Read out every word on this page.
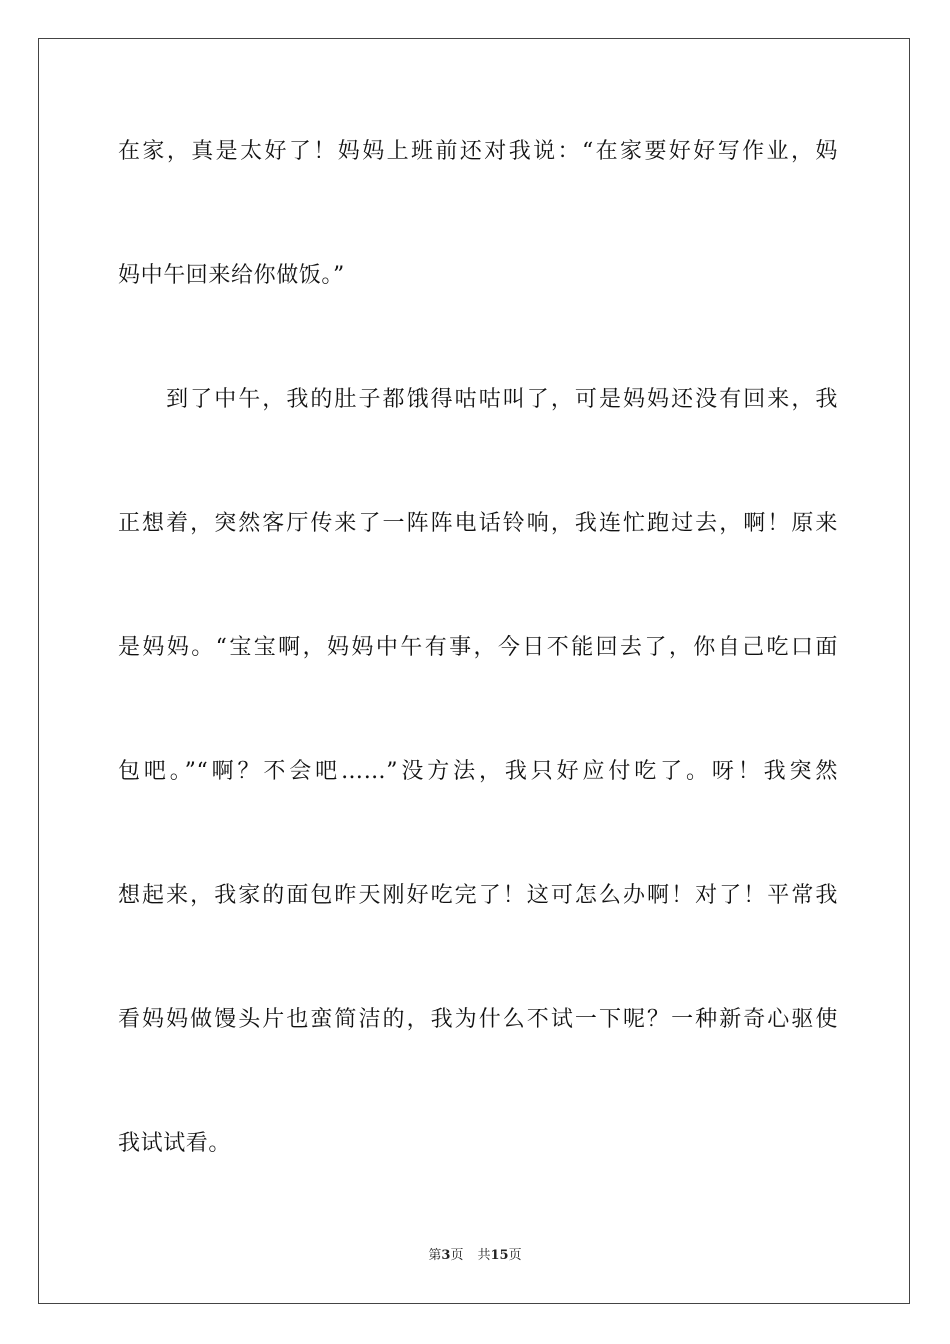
在家，真是太好了！妈妈上班前还对我说：“在家要好好写作业，妈
妈中午回来给你做饭。”
　　到了中午，我的肚子都饿得咕咕叫了，可是妈妈还没有回来，我
正想着，突然客厅传来了一阵阵电话铃响，我连忙跑过去，啊！原来
是妈妈。“宝宝啊，妈妈中午有事，今日不能回去了，你自己吃口面
包吧。”“啊？不会吧……”没方法，我只好应付吃了。呀！我突然
想起来，我家的面包昨天刚好吃完了！这可怎么办啊！对了！平常我
看妈妈做馒头片也蛮简洁的，我为什么不试一下呢？一种新奇心驱使
我试试看。
第3页 共15页
